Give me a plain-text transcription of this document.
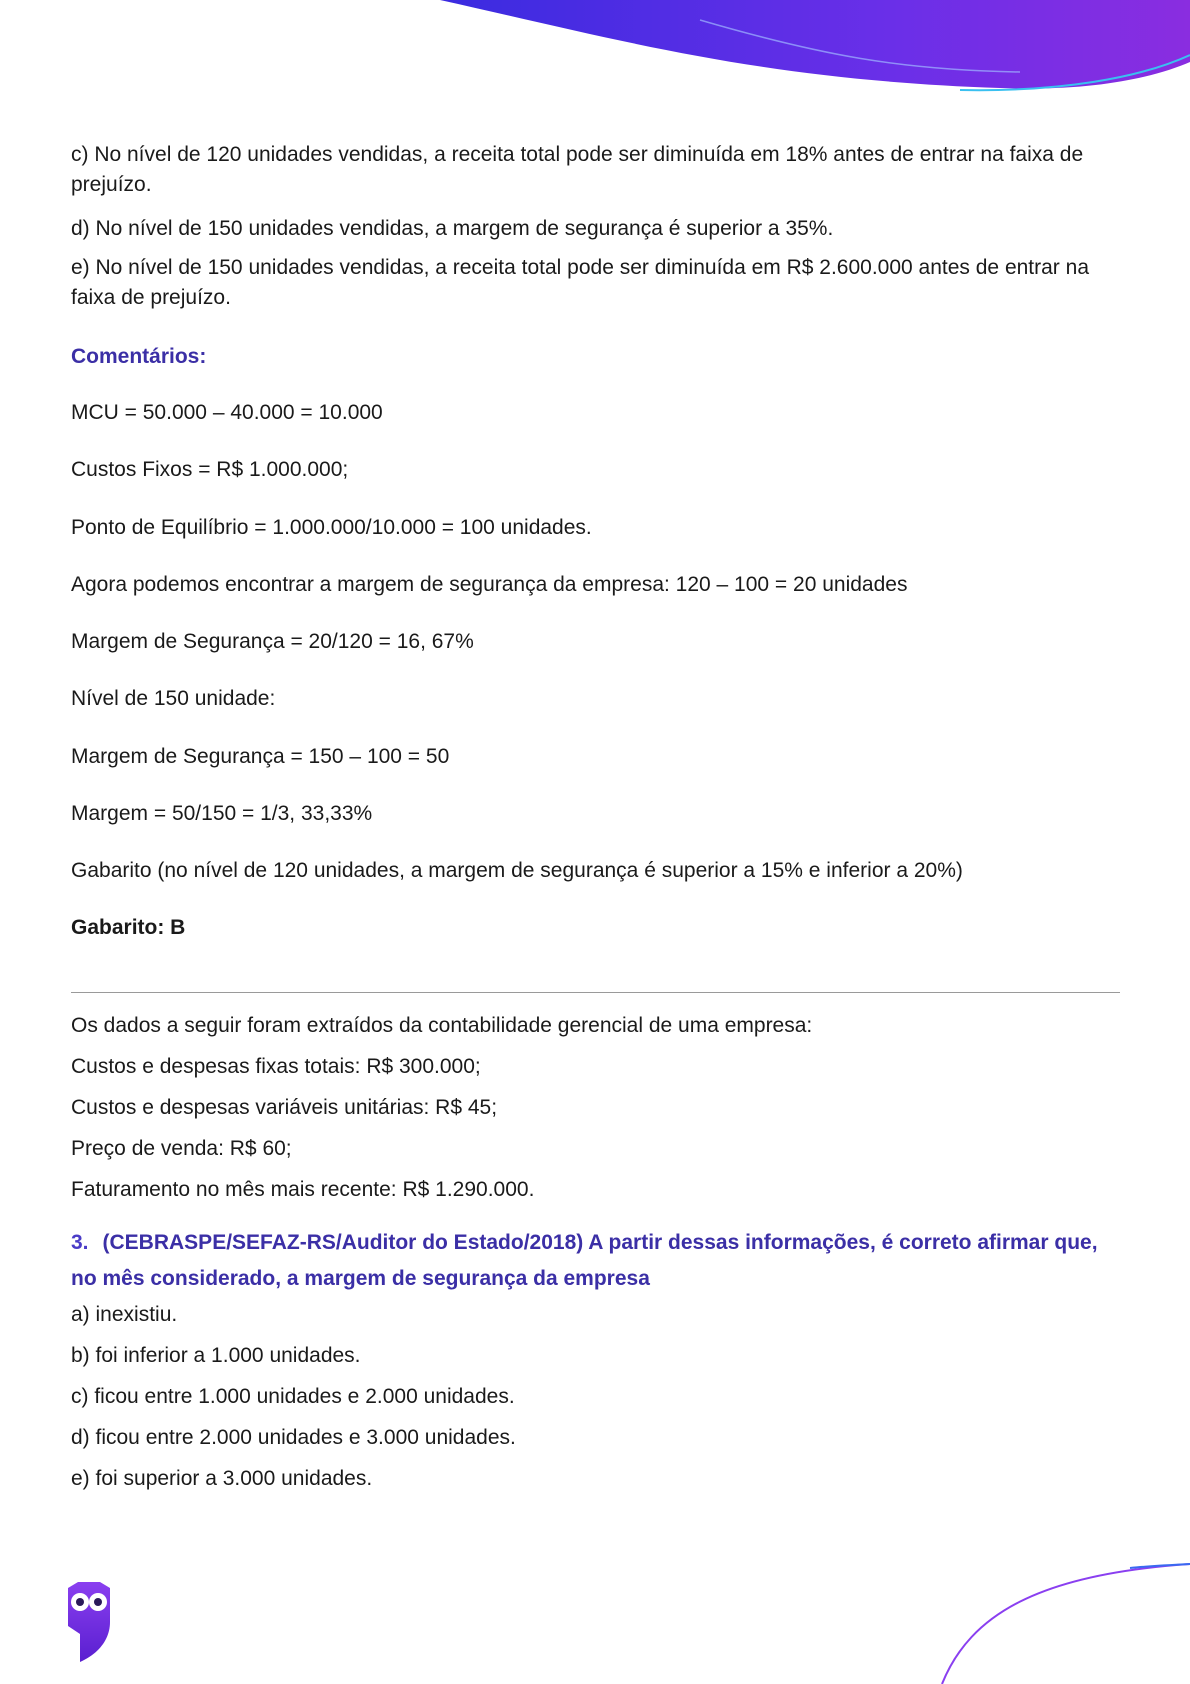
c) No nível de 120 unidades vendidas, a receita total pode ser diminuída em 18% antes de entrar na faixa de prejuízo.
d) No nível de 150 unidades vendidas, a margem de segurança é superior a 35%.
e) No nível de 150 unidades vendidas, a receita total pode ser diminuída em R$ 2.600.000 antes de entrar na faixa de prejuízo.
Comentários:
MCU = 50.000 – 40.000 = 10.000
Custos Fixos = R$ 1.000.000;
Ponto de Equilíbrio = 1.000.000/10.000 = 100 unidades.
Agora podemos encontrar a margem de segurança da empresa: 120 – 100 = 20 unidades
Margem de Segurança = 20/120 = 16, 67%
Nível de 150 unidade:
Margem de Segurança = 150 – 100 = 50
Margem = 50/150 = 1/3, 33,33%
Gabarito (no nível de 120 unidades, a margem de segurança é superior a 15% e inferior a 20%)
Gabarito: B
Os dados a seguir foram extraídos da contabilidade gerencial de uma empresa:
Custos e despesas fixas totais: R$ 300.000;
Custos e despesas variáveis unitárias: R$ 45;
Preço de venda: R$ 60;
Faturamento no mês mais recente: R$ 1.290.000.
3. (CEBRASPE/SEFAZ-RS/Auditor do Estado/2018) A partir dessas informações, é correto afirmar que, no mês considerado, a margem de segurança da empresa
a) inexistiu.
b) foi inferior a 1.000 unidades.
c) ficou entre 1.000 unidades e 2.000 unidades.
d) ficou entre 2.000 unidades e 3.000 unidades.
e) foi superior a 3.000 unidades.
